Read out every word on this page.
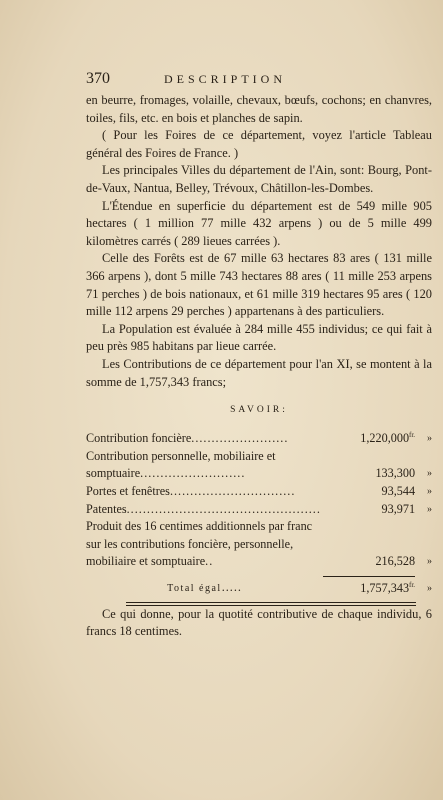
370	DESCRIPTION

en beurre, fromages, volaille, chevaux, bœufs, cochons; en chanvres, toiles, fils, etc. en bois et planches de sapin.

( Pour les Foires de ce département, voyez l'article Tableau général des Foires de France. )

Les principales Villes du département de l'Ain, sont: Bourg, Pont-de-Vaux, Nantua, Belley, Trévoux, Châtillon-les-Dombes.

L'Étendue en superficie du département est de 549 mille 905 hectares ( 1 million 77 mille 432 arpens ) ou de 5 mille 499 kilomètres carrés ( 289 lieues carrées ).

Celle des Forêts est de 67 mille 63 hectares 83 ares ( 131 mille 366 arpens ), dont 5 mille 743 hectares 88 ares ( 11 mille 253 arpens 71 perches ) de bois nationaux, et 61 mille 319 hectares 95 ares ( 120 mille 112 arpens 29 perches ) appartenans à des particuliers.

La Population est évaluée à 284 mille 455 individus; ce qui fait à peu près 985 habitans par lieue carrée.

Les Contributions de ce département pour l'an XI, se montent à la somme de 1,757,343 francs;

SAVOIR:
Contribution foncière........................	$1,220,000^{fr.}$	»
Contribution personnelle, mobiliaire et somptuaire..........................	133,300	»
Portes et fenêtres...............................	93,544	»
Patentes................................................	93,971	»
Produit des 16 centimes additionnels par franc sur les contributions foncière, personnelle, mobiliaire et somptuaire..	216,528	»

Total égal.....	$1,757,343^{fr.}$	»

Ce qui donne, pour la quotité contributive de chaque individu, 6 francs 18 centimes.
